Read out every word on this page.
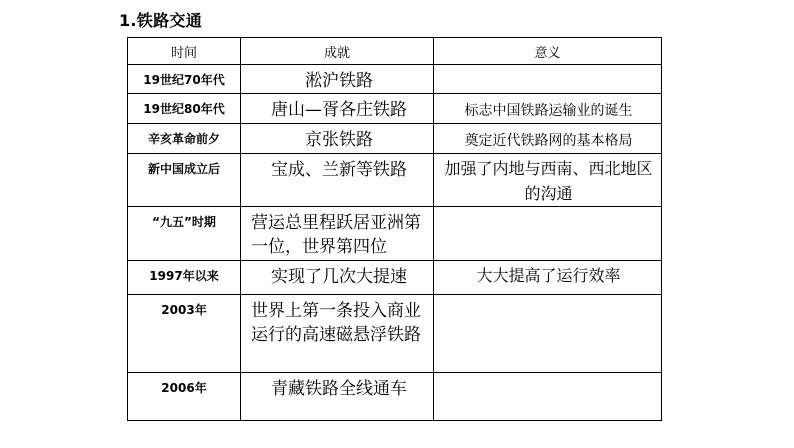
1.铁路交通
时间	成就	意义
19世纪70年代	淞沪铁路	
19世纪80年代	唐山—胥各庄铁路	标志中国铁路运输业的诞生
辛亥革命前夕	京张铁路	奠定近代铁路网的基本格局
新中国成立后	宝成、兰新等铁路	加强了内地与西南、西北地区的沟通
“九五”时期	营运总里程跃居亚洲第一位，世界第四位	
1997年以来	实现了几次大提速	大大提高了运行效率
2003年	世界上第一条投入商业运行的高速磁悬浮铁路	
2006年	青藏铁路全线通车	
